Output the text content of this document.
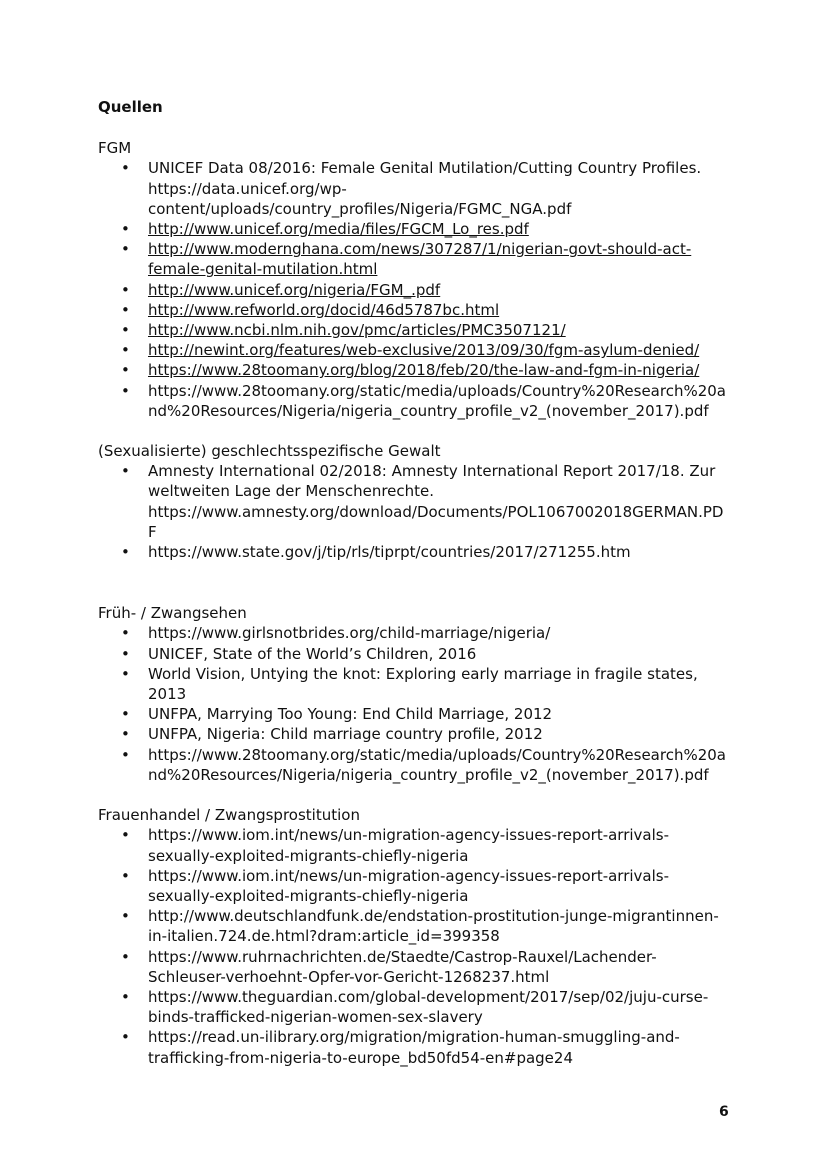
Quellen
FGM
• UNICEF Data 08/2016: Female Genital Mutilation/Cutting Country Profiles.
https://data.unicef.org/wp-
content/uploads/country_profiles/Nigeria/FGMC_NGA.pdf
• http://www.unicef.org/media/files/FGCM_Lo_res.pdf
• http://www.modernghana.com/news/307287/1/nigerian-govt-should-act-
female-genital-mutilation.html
• http://www.unicef.org/nigeria/FGM_.pdf
• http://www.refworld.org/docid/46d5787bc.html
• http://www.ncbi.nlm.nih.gov/pmc/articles/PMC3507121/
• http://newint.org/features/web-exclusive/2013/09/30/fgm-asylum-denied/
• https://www.28toomany.org/blog/2018/feb/20/the-law-and-fgm-in-nigeria/
• https://www.28toomany.org/static/media/uploads/Country%20Research%20a
nd%20Resources/Nigeria/nigeria_country_profile_v2_(november_2017).pdf
(Sexualisierte) geschlechtsspezifische Gewalt
• Amnesty International 02/2018: Amnesty International Report 2017/18. Zur
weltweiten Lage der Menschenrechte.
https://www.amnesty.org/download/Documents/POL1067002018GERMAN.PD
F
• https://www.state.gov/j/tip/rls/tiprpt/countries/2017/271255.htm
Früh- / Zwangsehen
• https://www.girlsnotbrides.org/child-marriage/nigeria/
• UNICEF, State of the World’s Children, 2016
• World Vision, Untying the knot: Exploring early marriage in fragile states,
2013
• UNFPA, Marrying Too Young: End Child Marriage, 2012
• UNFPA, Nigeria: Child marriage country profile, 2012
• https://www.28toomany.org/static/media/uploads/Country%20Research%20a
nd%20Resources/Nigeria/nigeria_country_profile_v2_(november_2017).pdf
Frauenhandel / Zwangsprostitution
• https://www.iom.int/news/un-migration-agency-issues-report-arrivals-
sexually-exploited-migrants-chiefly-nigeria
• https://www.iom.int/news/un-migration-agency-issues-report-arrivals-
sexually-exploited-migrants-chiefly-nigeria
• http://www.deutschlandfunk.de/endstation-prostitution-junge-migrantinnen-
in-italien.724.de.html?dram:article_id=399358
• https://www.ruhrnachrichten.de/Staedte/Castrop-Rauxel/Lachender-
Schleuser-verhoehnt-Opfer-vor-Gericht-1268237.html
• https://www.theguardian.com/global-development/2017/sep/02/juju-curse-
binds-trafficked-nigerian-women-sex-slavery
• https://read.un-ilibrary.org/migration/migration-human-smuggling-and-
trafficking-from-nigeria-to-europe_bd50fd54-en#page24
6
